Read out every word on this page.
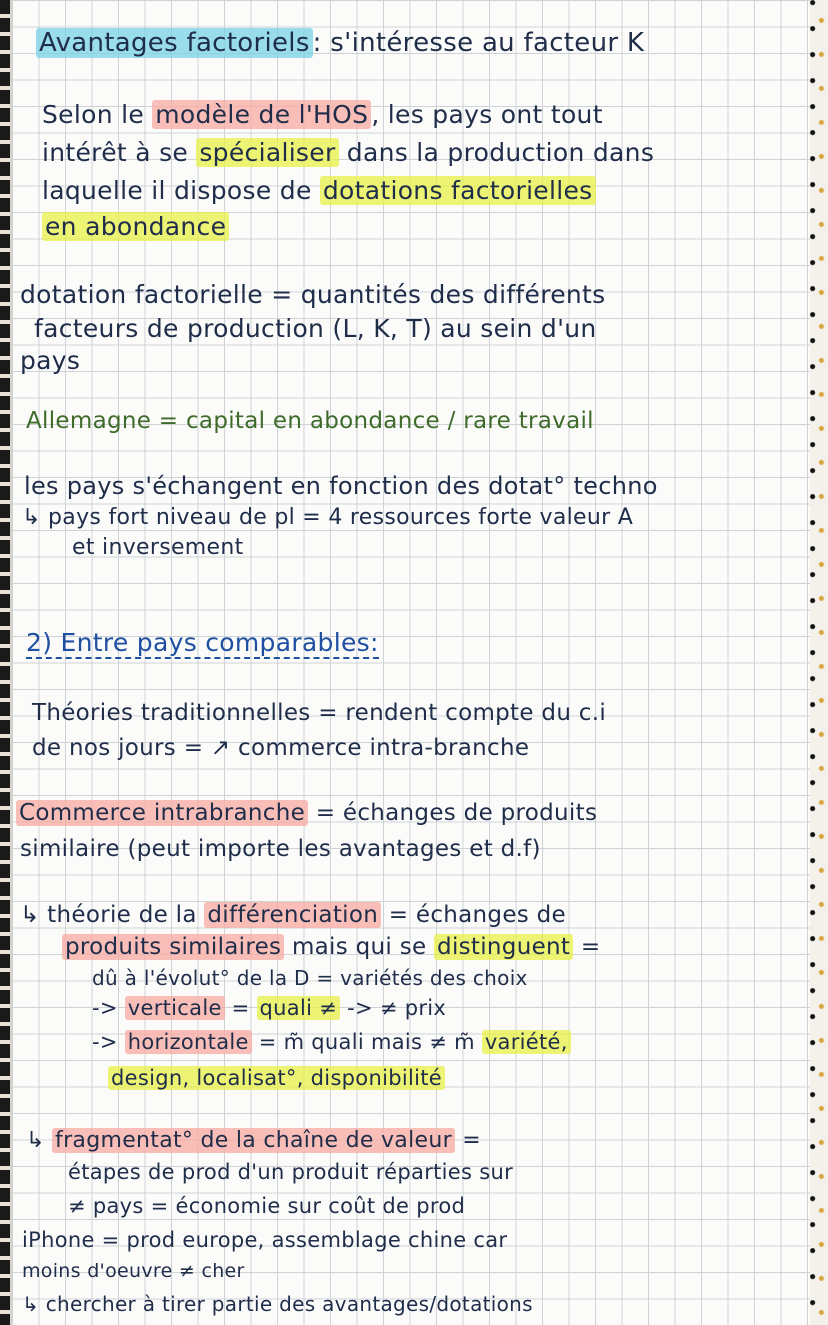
Avantages factoriels : s'intéresse au facteur K
Selon le modèle de l'HOS , les pays ont tout
intérêt à se spécialiser dans la production dans
laquelle il dispose de dotations factorielles
en abondance
dotation factorielle = quantités des différents
facteurs de production (L, K, T) au sein d'un
pays
Allemagne = capital en abondance / rare travail
les pays s'échangent en fonction des dotat° techno
↳ pays fort niveau de pl = 4 ressources forte valeur A
et inversement
2) Entre pays comparables:
Théories traditionnelles = rendent compte du c.i
de nos jours = ↗ commerce intra-branche
Commerce intrabranche = échanges de produits
similaire (peut importe les avantages et d.f)
↳ théorie de la différenciation = échanges de
produits similaires mais qui se distinguent =
dû à l'évolut° de la D = variétés des choix
-> verticale = quali ≠ -> ≠ prix
-> horizontale = m̃ quali mais ≠ m̃ variété,
design, localisat°, disponibilité
↳ fragmentat° de la chaîne de valeur =
étapes de prod d'un produit réparties sur
≠ pays = économie sur coût de prod
iPhone = prod europe, assemblage chine car
moins d'oeuvre ≠ cher
↳ chercher à tirer partie des avantages/dotations
